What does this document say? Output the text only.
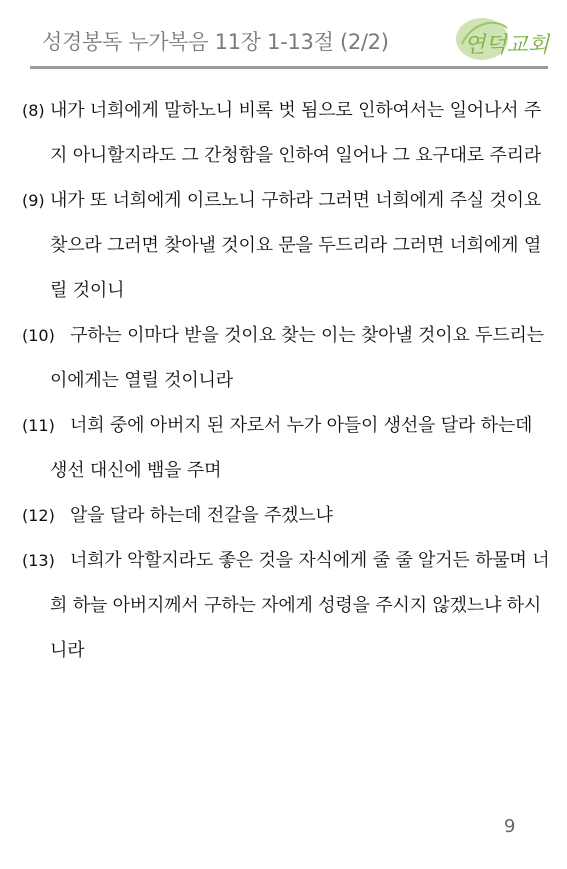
성경봉독 누가복음 11장 1-13절 (2/2)	연덕교회
(8) 내가 너희에게 말하노니 비록 벗 됨으로 인하여서는 일어나서 주지 아니할지라도 그 간청함을 인하여 일어나 그 요구대로 주리라

(9) 내가 또 너희에게 이르노니 구하라 그러면 너희에게 주실 것이요 찾으라 그러면 찾아낼 것이요 문을 두드리라 그러면 너희에게 열릴 것이니

(10) 구하는 이마다 받을 것이요 찾는 이는 찾아낼 것이요 두드리는 이에게는 열릴 것이니라

(11) 너희 중에 아버지 된 자로서 누가 아들이 생선을 달라 하는데 생선 대신에 뱀을 주며

(12) 알을 달라 하는데 전갈을 주겠느냐

(13) 너희가 악할지라도 좋은 것을 자식에게 줄 줄 알거든 하물며 너희 하늘 아버지께서 구하는 자에게 성령을 주시지 않겠느냐 하시니라

9
